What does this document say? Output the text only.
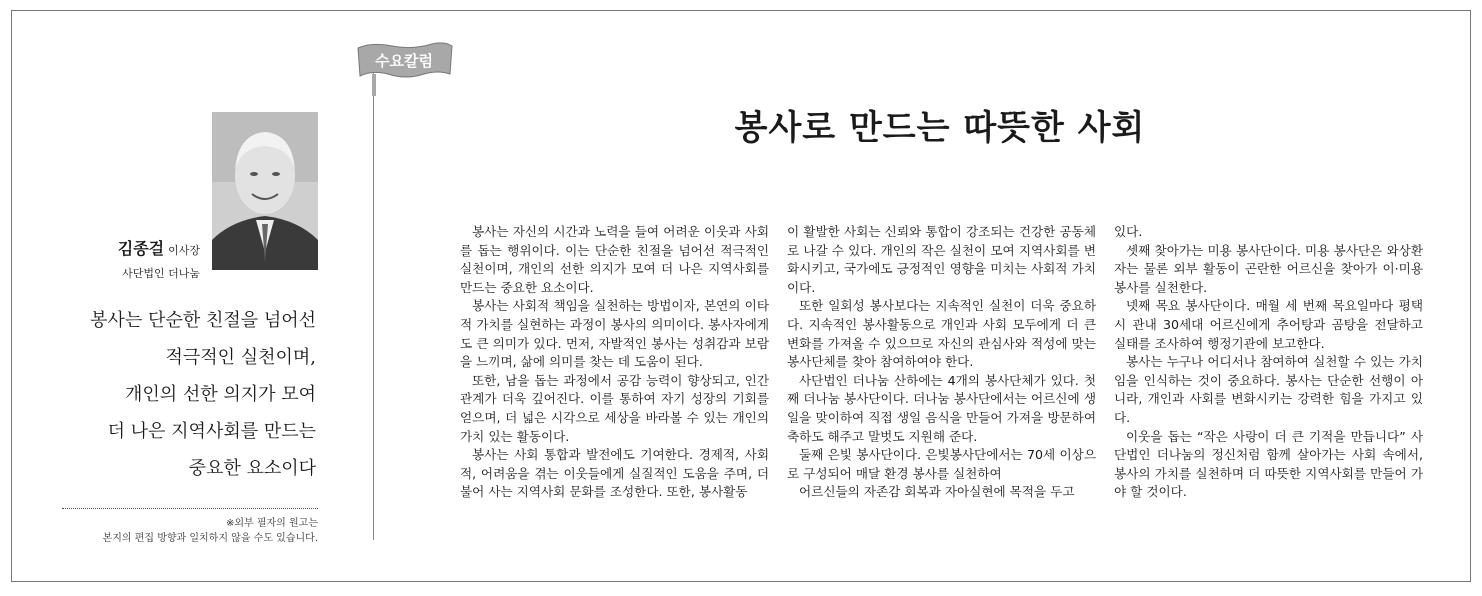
수요칼럼
김종걸 이사장
사단법인 더나눔
봉사는 단순한 친절을 넘어선
적극적인 실천이며,
개인의 선한 의지가 모여
더 나은 지역사회를 만드는
중요한 요소이다
※외부 필자의 원고는
본지의 편집 방향과 일치하지 않을 수도 있습니다.
봉사로 만드는 따뜻한 사회

봉사는 자신의 시간과 노력을 들여 어려운 이웃과 사회를 돕는 행위이다. 이는 단순한 친절을 넘어선 적극적인 실천이며, 개인의 선한 의지가 모여 더 나은 지역사회를 만드는 중요한 요소이다.

봉사는 사회적 책임을 실천하는 방법이자, 본연의 이타적 가치를 실현하는 과정이 봉사의 의미이다. 봉사자에게도 큰 의미가 있다. 먼저, 자발적인 봉사는 성취감과 보람을 느끼며, 삶에 의미를 찾는 데 도움이 된다.

또한, 남을 돕는 과정에서 공감 능력이 향상되고, 인간관계가 더욱 깊어진다. 이를 통하여 자기 성장의 기회를 얻으며, 더 넓은 시각으로 세상을 바라볼 수 있는 개인의 가치 있는 활동이다.

봉사는 사회 통합과 발전에도 기여한다. 경제적, 사회적, 어려움을 겪는 이웃들에게 실질적인 도움을 주며, 더불어 사는 지역사회 문화를 조성한다. 또한, 봉사활동

이 활발한 사회는 신뢰와 통합이 강조되는 건강한 공동체로 나갈 수 있다. 개인의 작은 실천이 모여 지역사회를 변화시키고, 국가에도 긍정적인 영향을 미치는 사회적 가치이다.

또한 일회성 봉사보다는 지속적인 실천이 더욱 중요하다. 지속적인 봉사활동으로 개인과 사회 모두에게 더 큰 변화를 가져올 수 있으므로 자신의 관심사와 적성에 맞는 봉사단체를 찾아 참여하여야 한다.

사단법인 더나눔 산하에는 4개의 봉사단체가 있다. 첫째 더나눔 봉사단이다. 더나눔 봉사단에서는 어르신에 생일을 맞이하여 직접 생일 음식을 만들어 가져을 방문하여 축하도 해주고 말벗도 지원해 준다.

둘째 은빛 봉사단이다. 은빛봉사단에서는 70세 이상으로 구성되어 매달 환경 봉사를 실천하여

어르신들의 자존감 회복과 자아실현에 목적을 두고

있다.

셋째 찾아가는 미용 봉사단이다. 미용 봉사단은 와상환자는 물론 외부 활동이 곤란한 어르신을 찾아가 이·미용 봉사를 실천한다.

넷째 목요 봉사단이다. 매월 세 번째 목요일마다 평택시 관내 30세대 어르신에게 추어탕과 곰탕을 전달하고 실태를 조사하여 행정기관에 보고한다.

봉사는 누구나 어디서나 참여하여 실천할 수 있는 가치임을 인식하는 것이 중요하다. 봉사는 단순한 선행이 아니라, 개인과 사회를 변화시키는 강력한 힘을 가지고 있다.

이웃을 돕는 “작은 사랑이 더 큰 기적을 만듭니다” 사단법인 더나눔의 정신처럼 함께 살아가는 사회 속에서, 봉사의 가치를 실천하며 더 따뜻한 지역사회를 만들어 가야 할 것이다.
